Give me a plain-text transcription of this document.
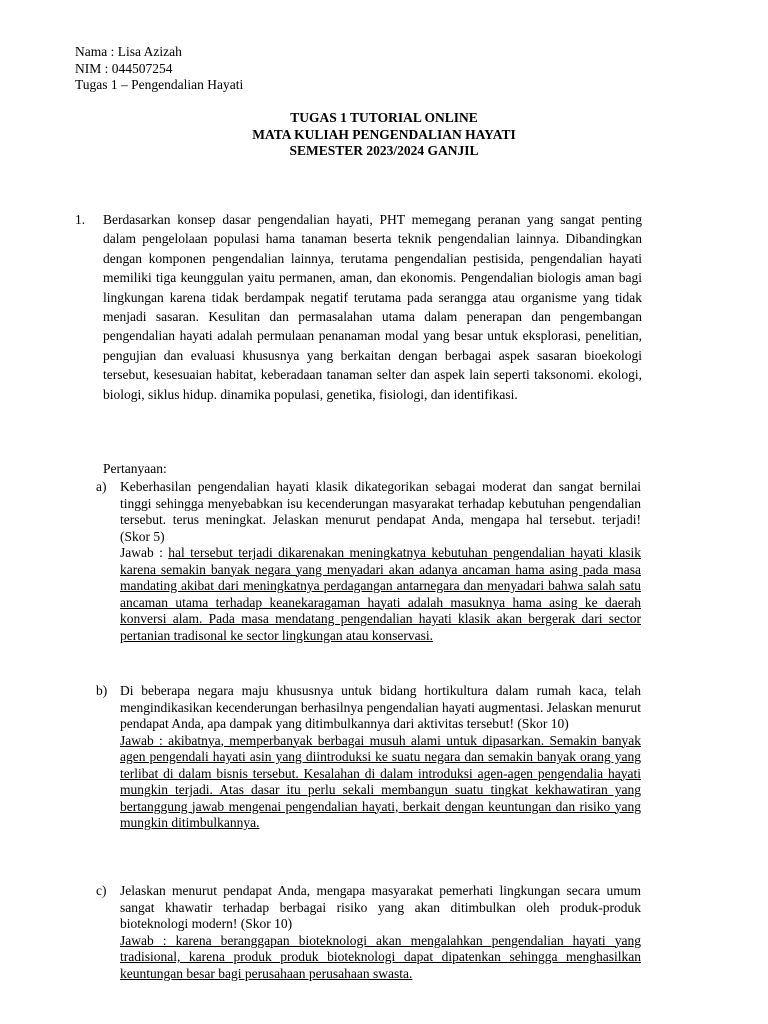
Nama : Lisa Azizah
NIM : 044507254
Tugas 1 – Pengendalian Hayati
TUGAS 1 TUTORIAL ONLINE
MATA KULIAH PENGENDALIAN HAYATI
SEMESTER 2023/2024 GANJIL
1. Berdasarkan konsep dasar pengendalian hayati, PHT memegang peranan yang sangat penting dalam pengelolaan populasi hama tanaman beserta teknik pengendalian lainnya. Dibandingkan dengan komponen pengendalian lainnya, terutama pengendalian pestisida, pengendalian hayati memiliki tiga keunggulan yaitu permanen, aman, dan ekonomis. Pengendalian biologis aman bagi lingkungan karena tidak berdampak negatif terutama pada serangga atau organisme yang tidak menjadi sasaran. Kesulitan dan permasalahan utama dalam penerapan dan pengembangan pengendalian hayati adalah permulaan penanaman modal yang besar untuk eksplorasi, penelitian, pengujian dan evaluasi khususnya yang berkaitan dengan berbagai aspek sasaran bioekologi tersebut, kesesuaian habitat, keberadaan tanaman selter dan aspek lain seperti taksonomi. ekologi, biologi, siklus hidup. dinamika populasi, genetika, fisiologi, dan identifikasi.
Pertanyaan:
a) Keberhasilan pengendalian hayati klasik dikategorikan sebagai moderat dan sangat bernilai tinggi sehingga menyebabkan isu kecenderungan masyarakat terhadap kebutuhan pengendalian tersebut. terus meningkat. Jelaskan menurut pendapat Anda, mengapa hal tersebut. terjadi! (Skor 5)
Jawab : hal tersebut terjadi dikarenakan meningkatnya kebutuhan pengendalian hayati klasik karena semakin banyak negara yang menyadari akan adanya ancaman hama asing pada masa mandating akibat dari meningkatnya perdagangan antarnegara dan menyadari bahwa salah satu ancaman utama terhadap keanekaragaman hayati adalah masuknya hama asing ke daerah konversi alam. Pada masa mendatang pengendalian hayati klasik akan bergerak dari sector pertanian tradisonal ke sector lingkungan atau konservasi.
b) Di beberapa negara maju khususnya untuk bidang hortikultura dalam rumah kaca, telah mengindikasikan kecenderungan berhasilnya pengendalian hayati augmentasi. Jelaskan menurut pendapat Anda, apa dampak yang ditimbulkannya dari aktivitas tersebut! (Skor 10)
Jawab : akibatnya, memperbanyak berbagai musuh alami untuk dipasarkan. Semakin banyak agen pengendali hayati asin yang diintroduksi ke suatu negara dan semakin banyak orang yang terlibat di dalam bisnis tersebut. Kesalahan di dalam introduksi agen-agen pengendalia hayati mungkin terjadi. Atas dasar itu perlu sekali membangun suatu tingkat kekhawatiran yang bertanggung jawab mengenai pengendalian hayati, berkait dengan keuntungan dan risiko yang mungkin ditimbulkannya.
c) Jelaskan menurut pendapat Anda, mengapa masyarakat pemerhati lingkungan secara umum sangat khawatir terhadap berbagai risiko yang akan ditimbulkan oleh produk-produk bioteknologi modern! (Skor 10)
Jawab : karena beranggapan bioteknologi akan mengalahkan pengendalian hayati yang tradisional, karena produk produk bioteknologi dapat dipatenkan sehingga menghasilkan keuntungan besar bagi perusahaan perusahaan swasta.
